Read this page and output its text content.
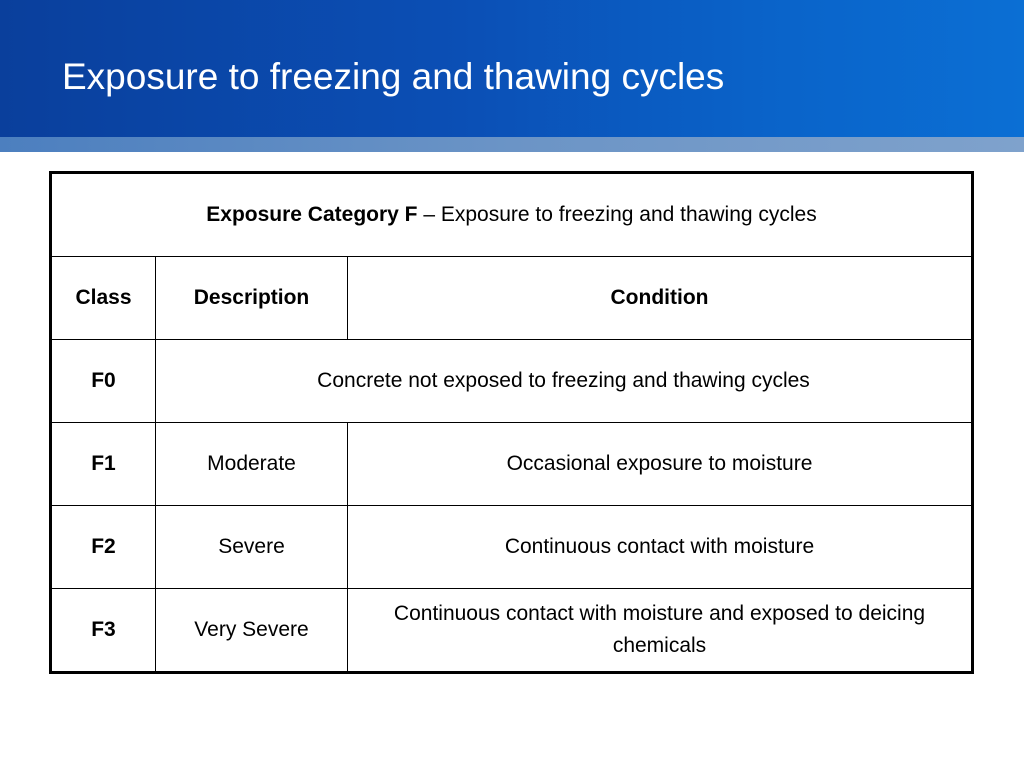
Exposure to freezing and thawing cycles
Exposure Category F – Exposure to freezing and thawing cycles		
Class	Description	Condition
F0	Concrete not exposed to freezing and thawing cycles	
F1	Moderate	Occasional exposure to moisture
F2	Severe	Continuous contact with moisture
F3	Very Severe	Continuous contact with moisture and exposed to deicing chemicals
